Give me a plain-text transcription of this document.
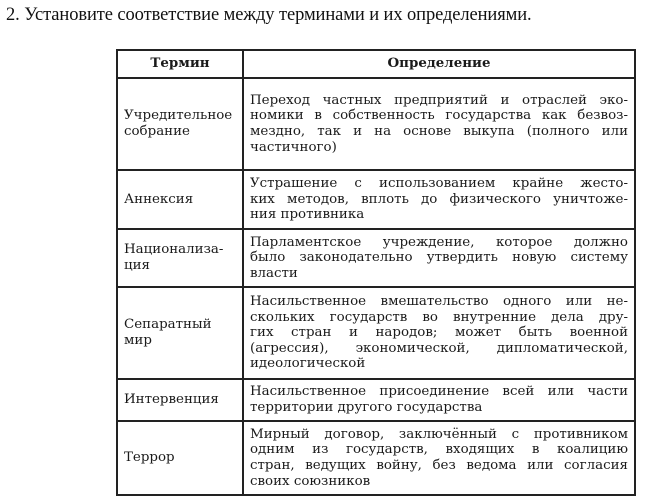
2. Установите соответствие между терминами и их определениями.
Термин	Определение

Учредительное
собрание	Переход частных предприятий и отраслей эко-
номики в собственность государства как безвоз-
мездно, так и на основе выкупа (полного или
частичного)

Аннексия	Устрашение с использованием крайне жесто-
ких методов, вплоть до физического уничтоже-
ния противника

Национализа-
ция	Парламентское учреждение, которое должно
было законодательно утвердить новую систему
власти

Сепаратный
мир	Насильственное вмешательство одного или не-
скольких государств во внутренние дела дру-
гих стран и народов; может быть военной
(агрессия), экономической, дипломатической,
идеологической

Интервенция	Насильственное присоединение всей или части
территории другого государства

Террор	Мирный договор, заключённый с противником
одним из государств, входящих в коалицию
стран, ведущих войну, без ведома или согласия
своих союзников
